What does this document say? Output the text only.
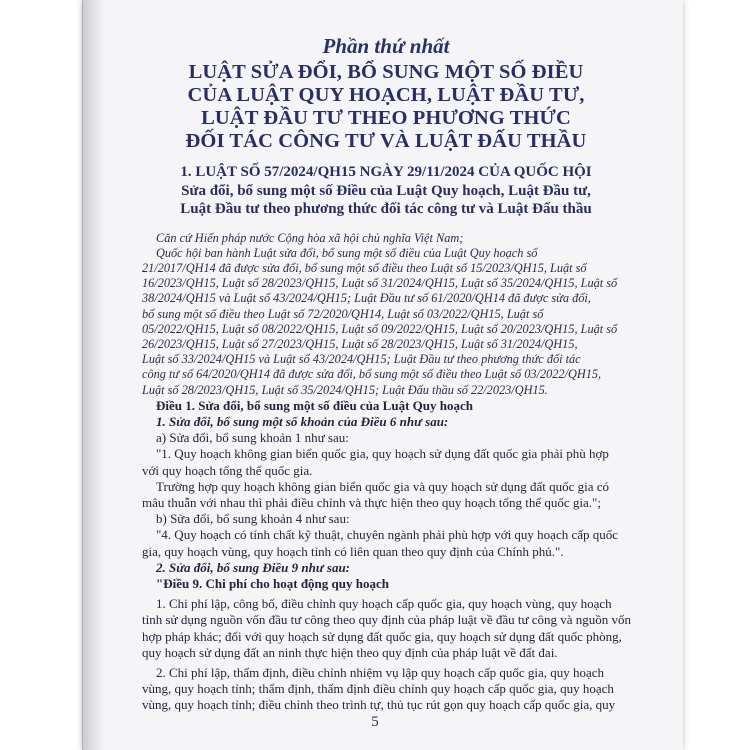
Phần thứ nhất
LUẬT SỬA ĐỔI, BỔ SUNG MỘT SỐ ĐIỀU
CỦA LUẬT QUY HOẠCH, LUẬT ĐẦU TƯ,
LUẬT ĐẦU TƯ THEO PHƯƠNG THỨC
ĐỐI TÁC CÔNG TƯ VÀ LUẬT ĐẤU THẦU
1. LUẬT SỐ 57/2024/QH15 NGÀY 29/11/2024 CỦA QUỐC HỘI
Sửa đổi, bổ sung một số Điều của Luật Quy hoạch, Luật Đầu tư,
Luật Đầu tư theo phương thức đối tác công tư và Luật Đấu thầu
Căn cứ Hiến pháp nước Cộng hòa xã hội chủ nghĩa Việt Nam;
Quốc hội ban hành Luật sửa đổi, bổ sung một số điều của Luật Quy hoạch số
21/2017/QH14 đã được sửa đổi, bổ sung một số điều theo Luật số 15/2023/QH15, Luật số
16/2023/QH15, Luật số 28/2023/QH15, Luật số 31/2024/QH15, Luật số 35/2024/QH15, Luật số
38/2024/QH15 và Luật số 43/2024/QH15; Luật Đầu tư số 61/2020/QH14 đã được sửa đổi,
bổ sung một số điều theo Luật số 72/2020/QH14, Luật số 03/2022/QH15, Luật số
05/2022/QH15, Luật số 08/2022/QH15, Luật số 09/2022/QH15, Luật số 20/2023/QH15, Luật số
26/2023/QH15, Luật số 27/2023/QH15, Luật số 28/2023/QH15, Luật số 31/2024/QH15,
Luật số 33/2024/QH15 và Luật số 43/2024/QH15; Luật Đầu tư theo phương thức đối tác
công tư số 64/2020/QH14 đã được sửa đổi, bổ sung một số điều theo Luật số 03/2022/QH15,
Luật số 28/2023/QH15, Luật số 35/2024/QH15; Luật Đấu thầu số 22/2023/QH15.
Điều 1. Sửa đổi, bổ sung một số điều của Luật Quy hoạch
1. Sửa đổi, bổ sung một số khoản của Điều 6 như sau:
a) Sửa đổi, bổ sung khoản 1 như sau:
"1. Quy hoạch không gian biển quốc gia, quy hoạch sử dụng đất quốc gia phải phù hợp
với quy hoạch tổng thể quốc gia.
Trường hợp quy hoạch không gian biển quốc gia và quy hoạch sử dụng đất quốc gia có
mâu thuẫn với nhau thì phải điều chỉnh và thực hiện theo quy hoạch tổng thể quốc gia.";
b) Sửa đổi, bổ sung khoản 4 như sau:
"4. Quy hoạch có tính chất kỹ thuật, chuyên ngành phải phù hợp với quy hoạch cấp quốc
gia, quy hoạch vùng, quy hoạch tỉnh có liên quan theo quy định của Chính phủ.".
2. Sửa đổi, bổ sung Điều 9 như sau:
"Điều 9. Chi phí cho hoạt động quy hoạch
1. Chi phí lập, công bố, điều chỉnh quy hoạch cấp quốc gia, quy hoạch vùng, quy hoạch
tỉnh sử dụng nguồn vốn đầu tư công theo quy định của pháp luật về đầu tư công và nguồn vốn
hợp pháp khác; đối với quy hoạch sử dụng đất quốc gia, quy hoạch sử dụng đất quốc phòng,
quy hoạch sử dụng đất an ninh thực hiện theo quy định của pháp luật về đất đai.
2. Chi phí lập, thẩm định, điều chỉnh nhiệm vụ lập quy hoạch cấp quốc gia, quy hoạch
vùng, quy hoạch tỉnh; thẩm định, thẩm định điều chỉnh quy hoạch cấp quốc gia, quy hoạch
vùng, quy hoạch tỉnh; điều chỉnh theo trình tự, thủ tục rút gọn quy hoạch cấp quốc gia, quy
5
